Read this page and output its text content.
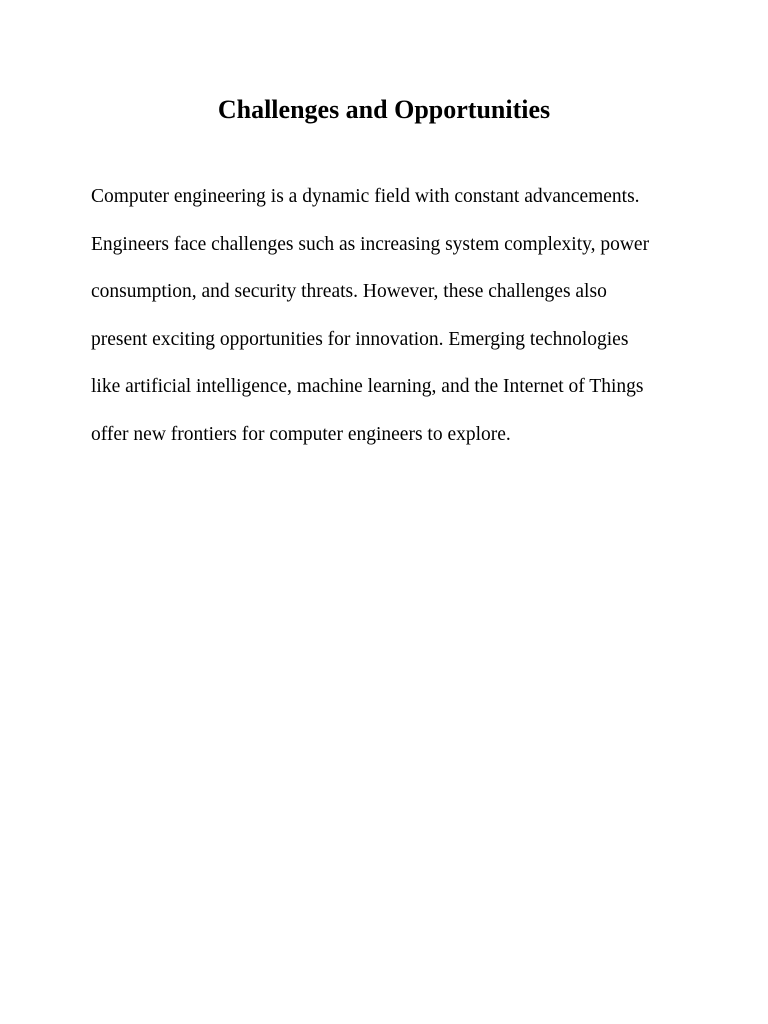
Challenges and Opportunities
Computer engineering is a dynamic field with constant advancements.
Engineers face challenges such as increasing system complexity, power
consumption, and security threats. However, these challenges also
present exciting opportunities for innovation. Emerging technologies
like artificial intelligence, machine learning, and the Internet of Things
offer new frontiers for computer engineers to explore.
